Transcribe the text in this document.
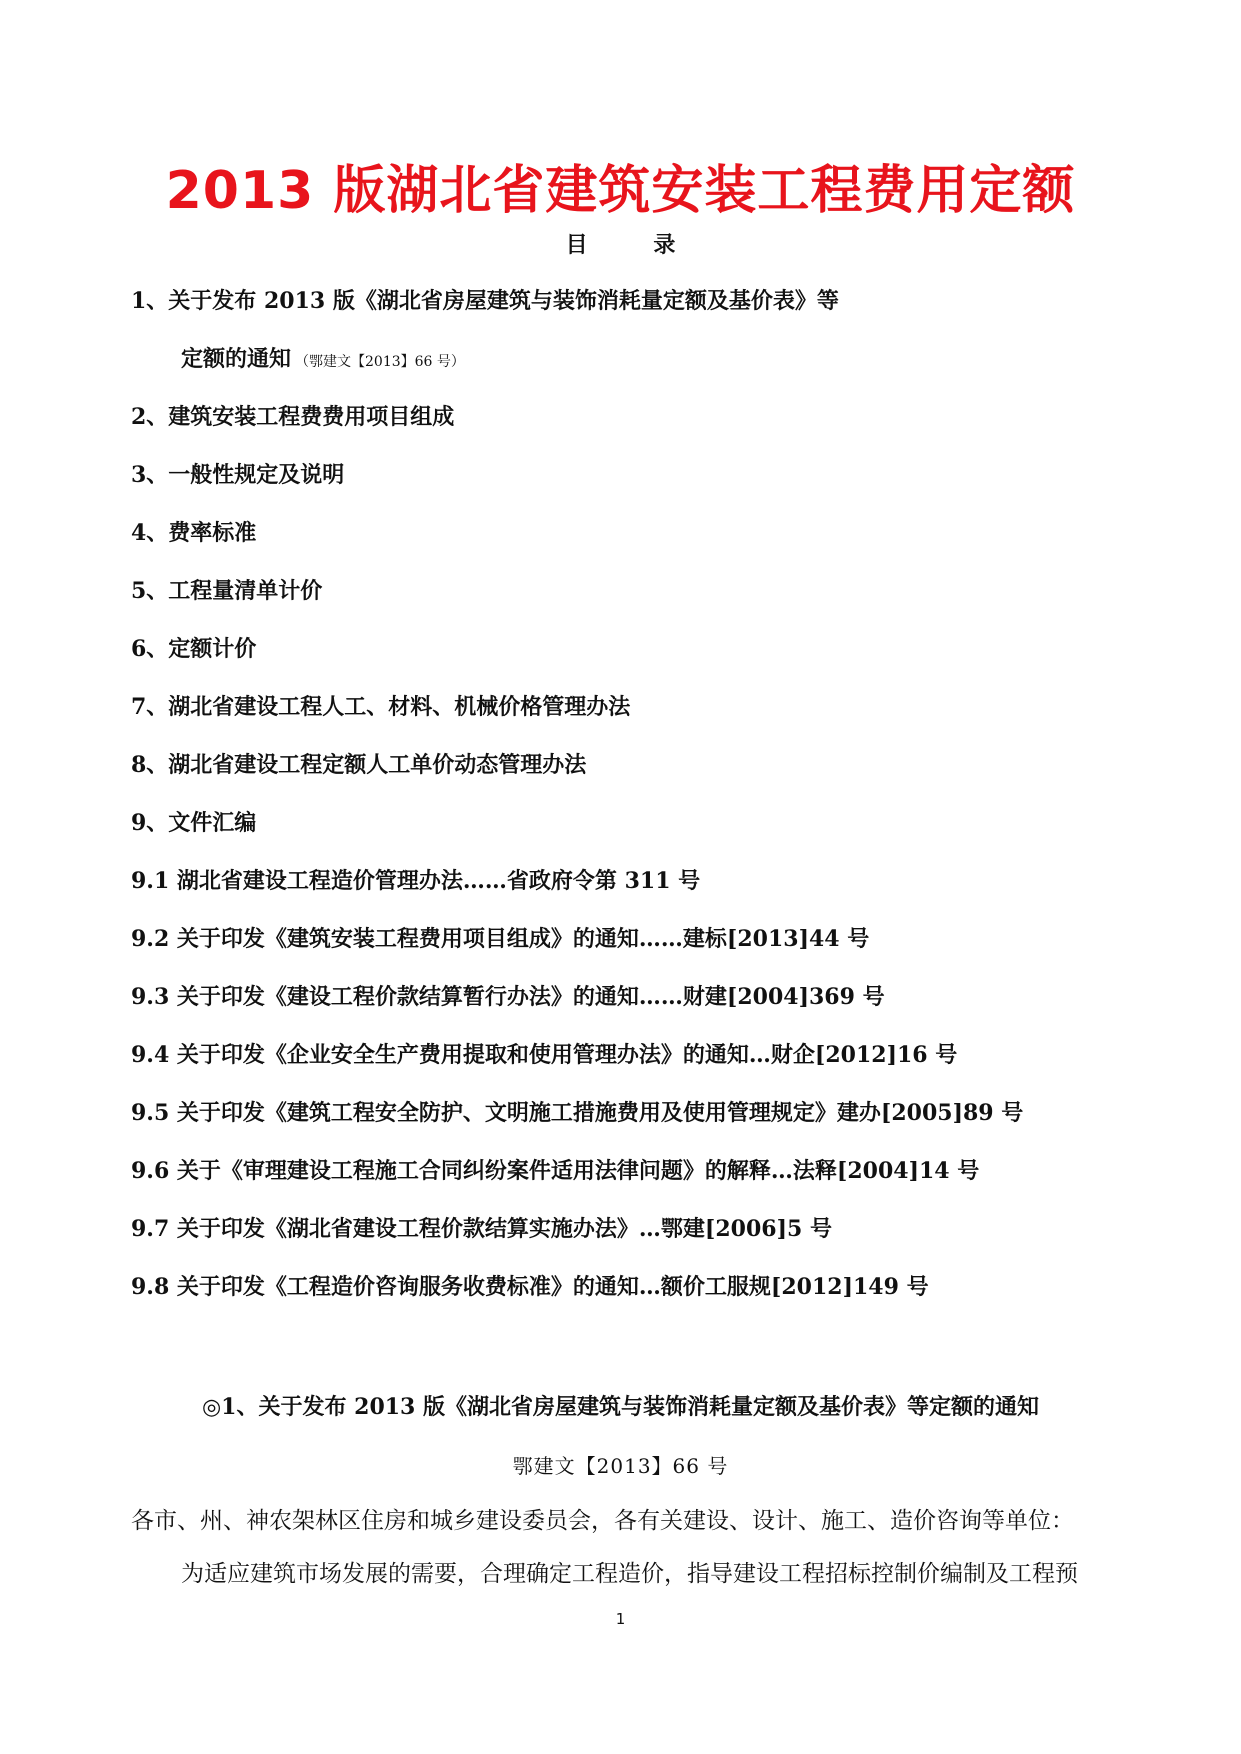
2013 版湖北省建筑安装工程费用定额
目	录
1、关于发布 2013 版《湖北省房屋建筑与装饰消耗量定额及基价表》等
定额的通知 （鄂建文【2013】66 号）
2、建筑安装工程费费用项目组成
3、一般性规定及说明
4、费率标准
5、工程量清单计价
6、定额计价
7、湖北省建设工程人工、材料、机械价格管理办法
8、湖北省建设工程定额人工单价动态管理办法
9、文件汇编
9.1 湖北省建设工程造价管理办法……省政府令第 311 号
9.2 关于印发《建筑安装工程费用项目组成》的通知……建标[2013]44 号
9.3 关于印发《建设工程价款结算暂行办法》的通知……财建[2004]369 号
9.4 关于印发《企业安全生产费用提取和使用管理办法》的通知…财企[2012]16 号
9.5 关于印发《建筑工程安全防护、文明施工措施费用及使用管理规定》建办[2005]89 号
9.6 关于《审理建设工程施工合同纠纷案件适用法律问题》的解释…法释[2004]14 号
9.7 关于印发《湖北省建设工程价款结算实施办法》…鄂建[2006]5 号
9.8 关于印发《工程造价咨询服务收费标准》的通知…额价工服规[2012]149 号
◎1、关于发布 2013 版《湖北省房屋建筑与装饰消耗量定额及基价表》等定额的通知
鄂建文【2013】66 号
各市、州、神农架林区住房和城乡建设委员会，各有关建设、设计、施工、造价咨询等单位：
为适应建筑市场发展的需要，合理确定工程造价，指导建设工程招标控制价编制及工程预
1
